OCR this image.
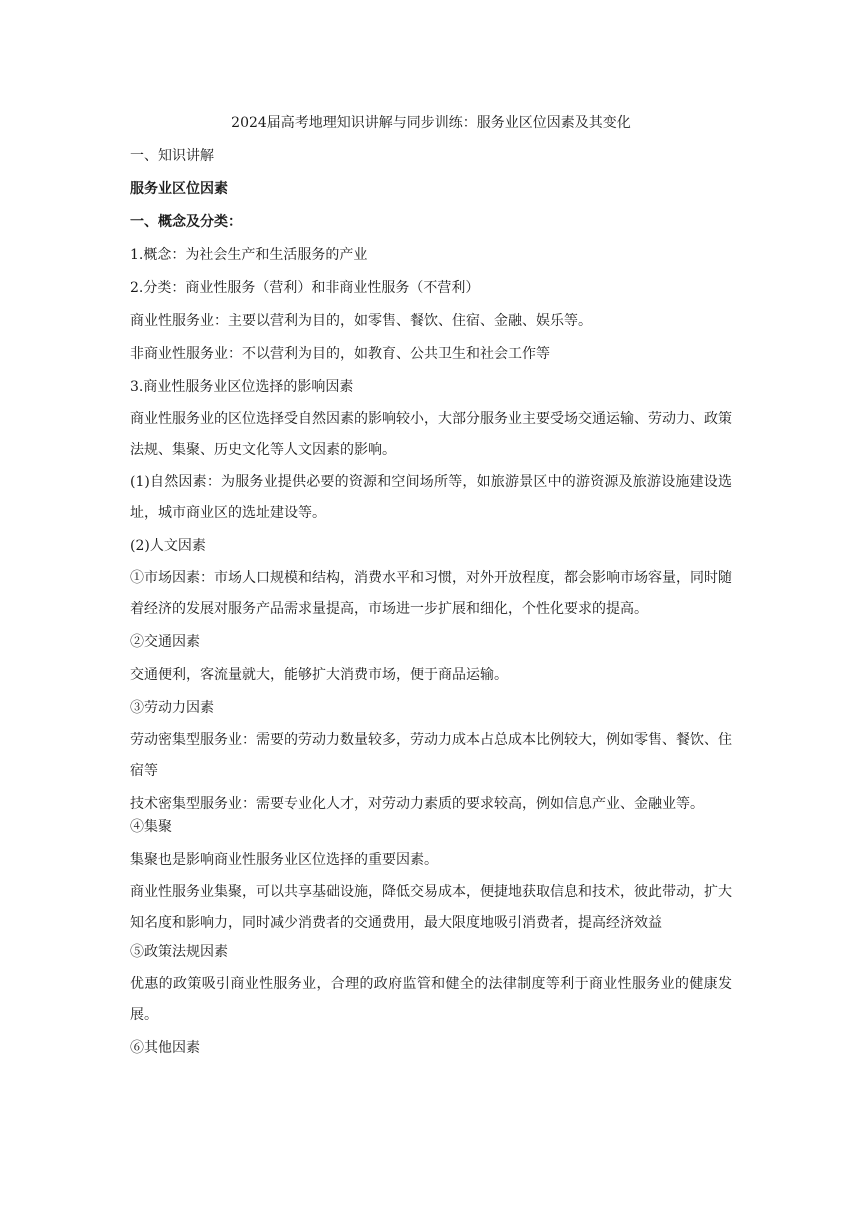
2024届高考地理知识讲解与同步训练：服务业区位因素及其变化
一、知识讲解
服务业区位因素
一、概念及分类：
1.概念：为社会生产和生活服务的产业
2.分类：商业性服务（营利）和非商业性服务（不营利）
商业性服务业：主要以营利为目的，如零售、餐饮、住宿、金融、娱乐等。
非商业性服务业：不以营利为目的，如教育、公共卫生和社会工作等
3.商业性服务业区位选择的影响因素
商业性服务业的区位选择受自然因素的影响较小，大部分服务业主要受场交通运输、劳动力、政策法规、集聚、历史文化等人文因素的影响。
(1)自然因素：为服务业提供必要的资源和空间场所等，如旅游景区中的游资源及旅游设施建设选址，城市商业区的选址建设等。
(2)人文因素
①市场因素：市场人口规模和结构，消费水平和习惯，对外开放程度，都会影响市场容量，同时随着经济的发展对服务产品需求量提高，市场进一步扩展和细化，个性化要求的提高。
②交通因素
交通便利，客流量就大，能够扩大消费市场，便于商品运输。
③劳动力因素
劳动密集型服务业：需要的劳动力数量较多，劳动力成本占总成本比例较大，例如零售、餐饮、住宿等
技术密集型服务业：需要专业化人才，对劳动力素质的要求较高，例如信息产业、金融业等。
④集聚
集聚也是影响商业性服务业区位选择的重要因素。
商业性服务业集聚，可以共享基础设施，降低交易成本，便捷地获取信息和技术，彼此带动，扩大知名度和影响力，同时减少消费者的交通费用，最大限度地吸引消费者，提高经济效益
⑤政策法规因素
优惠的政策吸引商业性服务业，合理的政府监管和健全的法律制度等利于商业性服务业的健康发展。
⑥其他因素
